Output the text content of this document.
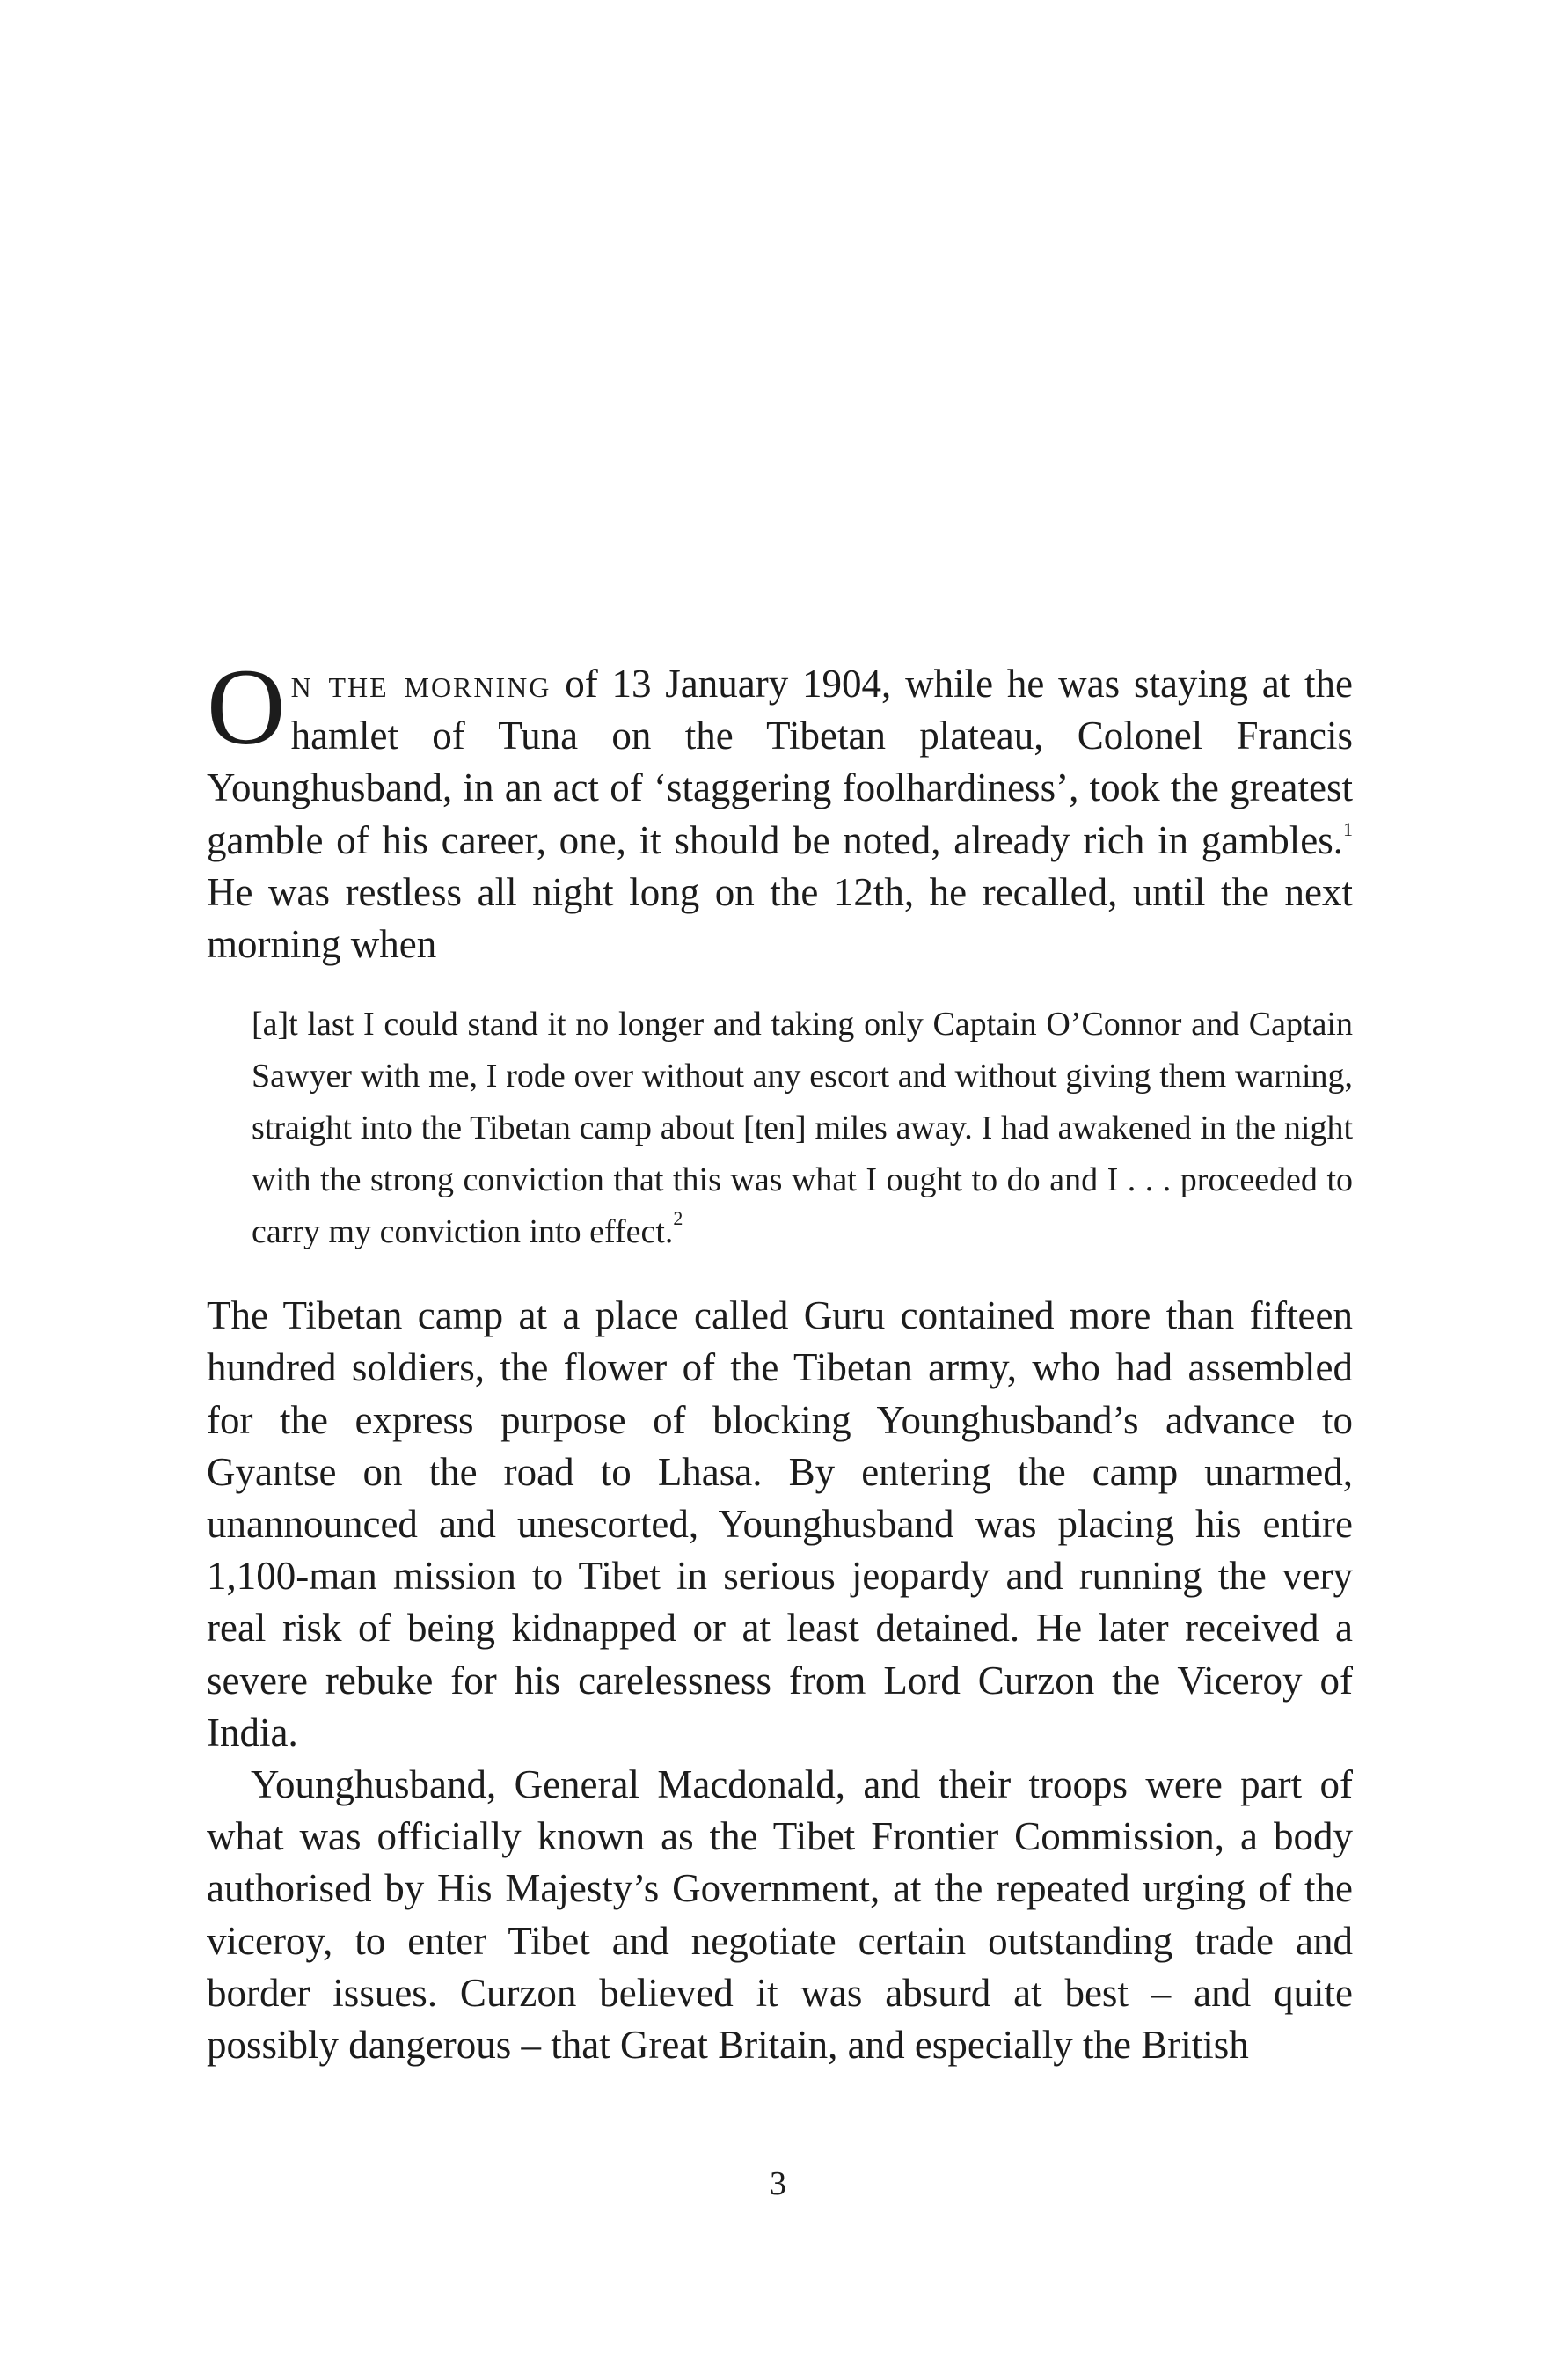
On the morning of 13 January 1904, while he was staying at the hamlet of Tuna on the Tibetan plateau, Colonel Francis Younghusband, in an act of ‘staggering foolhardiness’, took the greatest gamble of his career, one, it should be noted, already rich in gambles.$^1$ He was restless all night long on the 12th, he recalled, until the next morning when

[a]t last I could stand it no longer and taking only Captain O’Connor and Captain Sawyer with me, I rode over without any escort and without giving them warning, straight into the Tibetan camp about [ten] miles away. I had awakened in the night with the strong conviction that this was what I ought to do and I . . . proceeded to carry my conviction into effect.$^2$

The Tibetan camp at a place called Guru contained more than fifteen hundred soldiers, the flower of the Tibetan army, who had assembled for the express purpose of blocking Younghusband’s advance to Gyantse on the road to Lhasa. By entering the camp unarmed, unannounced and unescorted, Younghusband was placing his entire 1,100-man mission to Tibet in serious jeopardy and running the very real risk of being kidnapped or at least detained. He later received a severe rebuke for his carelessness from Lord Curzon the Viceroy of India.

Younghusband, General Macdonald, and their troops were part of what was officially known as the Tibet Frontier Commission, a body authorised by His Majesty’s Government, at the repeated urging of the viceroy, to enter Tibet and negotiate certain outstanding trade and border issues. Curzon believed it was absurd at best – and quite possibly dangerous – that Great Britain, and especially the British

3
